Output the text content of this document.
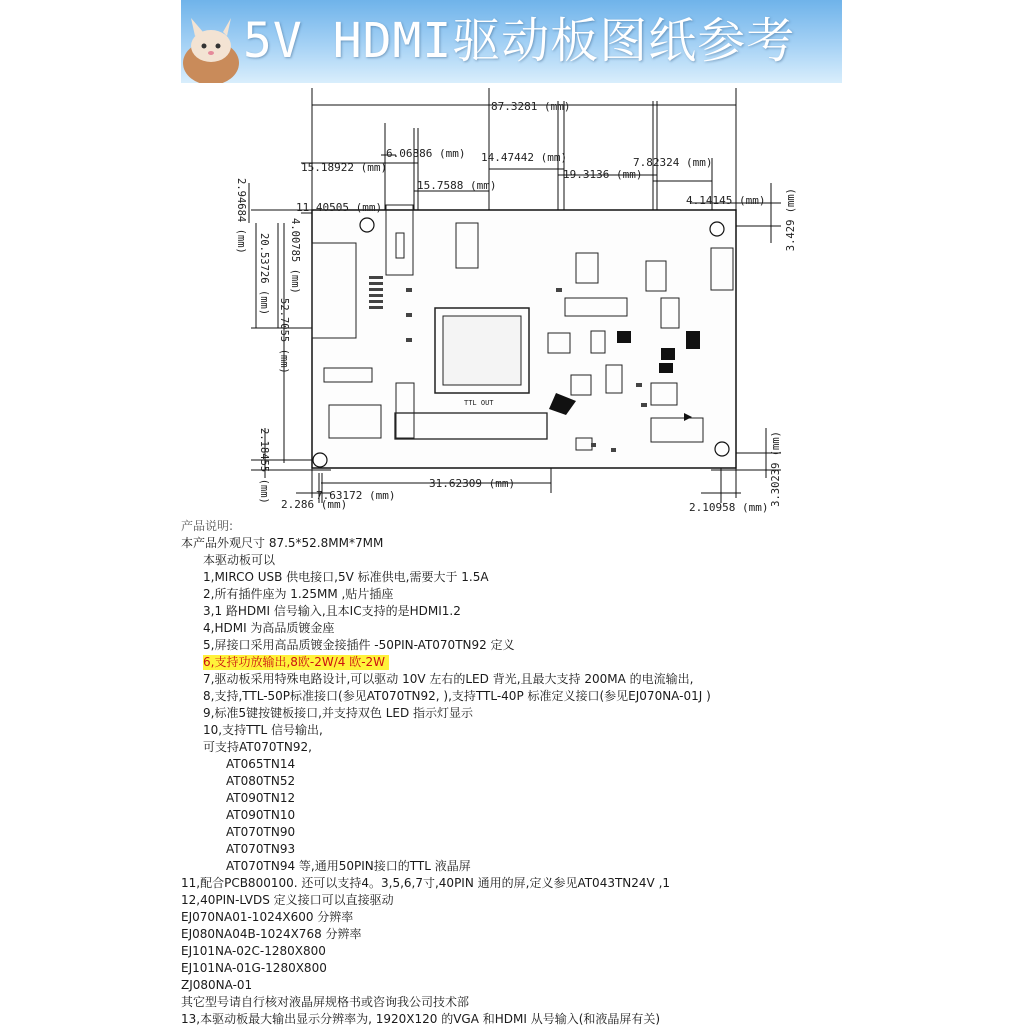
5V HDMI驱动板图纸参考
TTL OUT
87.3281 (mm)
6.06886 (mm)
15.18922 (mm)
14.47442 (mm)
15.7588 (mm)
7.82324 (mm)
19.3136 (mm)
11.40505 (mm)
4.14145 (mm)
2.94684 (mm)
20.53726 (mm) 4.00785 (mm)
52.7055 (mm)
3.429 (mm)
2.18455 (mm)	3.30239 (mm)
2.286 (mm)
7.63172 (mm)
31.62309 (mm)
2.10958 (mm)
产品说明:
本产品外观尺寸 87.5*52.8MM*7MM
本驱动板可以
1,MIRCO USB 供电接口,5V 标准供电,需要大于 1.5A
2,所有插件座为 1.25MM ,贴片插座
3,1 路HDMI 信号输入,且本IC支持的是HDMI1.2
4,HDMI 为高品质镀金座
5,屏接口采用高品质镀金接插件 -50PIN-AT070TN92 定义
6,支持功放输出,8欧-2W/4 欧-2W
7,驱动板采用特殊电路设计,可以驱动 10V 左右的LED 背光,且最大支持 200MA 的电流输出,
8,支持,TTL-50P标准接口(参见AT070TN92, ),支持TTL-40P 标准定义接口(参见EJ070NA-01J )
9,标准5键按键板接口,并支持双色 LED 指示灯显示
10,支持TTL 信号输出,
可支持AT070TN92,
AT065TN14
AT080TN52
AT090TN12
AT090TN10
AT070TN90
AT070TN93
AT070TN94 等,通用50PIN接口的TTL 液晶屏
11,配合PCB800100. 还可以支持4。3,5,6,7寸,40PIN 通用的屏,定义参见AT043TN24V ,1
12,40PIN-LVDS 定义接口可以直接驱动
EJ070NA01-1024X600 分辨率
EJ080NA04B-1024X768 分辨率
EJ101NA-02C-1280X800
EJ101NA-01G-1280X800
ZJ080NA-01
其它型号请自行核对液晶屏规格书或咨询我公司技术部
13,本驱动板最大输出显示分辨率为, 1920X120 的VGA 和HDMI 从号输入(和液晶屏有关)
